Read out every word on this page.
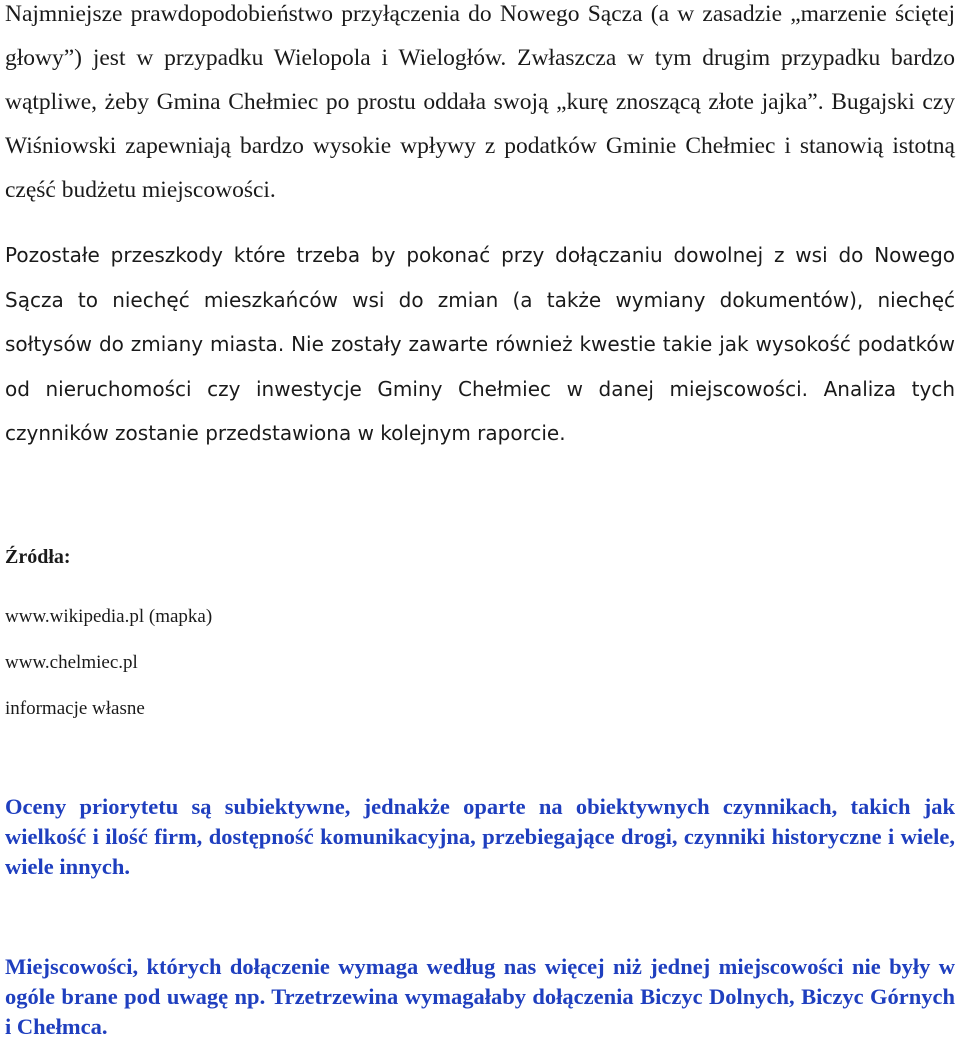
Najmniejsze prawdopodobieństwo przyłączenia do Nowego Sącza (a w zasadzie „marzenie ściętej głowy”) jest w przypadku Wielopola i Wielogłów. Zwłaszcza w tym drugim przypadku bardzo wątpliwe, żeby Gmina Chełmiec po prostu oddała swoją „kurę znoszącą złote jajka”. Bugajski czy Wiśniowski zapewniają bardzo wysokie wpływy z podatków Gminie Chełmiec i stanowią istotną część budżetu miejscowości.

Pozostałe przeszkody które trzeba by pokonać przy dołączaniu dowolnej z wsi do Nowego Sącza to niechęć mieszkańców wsi do zmian (a także wymiany dokumentów), niechęć sołtysów do zmiany miasta. Nie zostały zawarte również kwestie takie jak wysokość podatków od nieruchomości czy inwestycje Gminy Chełmiec w danej miejscowości. Analiza tych czynników zostanie przedstawiona w kolejnym raporcie.

Źródła:

www.wikipedia.pl (mapka)

www.chelmiec.pl

informacje własne

Oceny priorytetu są subiektywne, jednakże oparte na obiektywnych czynnikach, takich jak wielkość i ilość firm, dostępność komunikacyjna, przebiegające drogi, czynniki historyczne i wiele, wiele innych.

Miejscowości, których dołączenie wymaga według nas więcej niż jednej miejscowości nie były w ogóle brane pod uwagę np. Trzetrzewina wymagałaby dołączenia Biczyc Dolnych, Biczyc Górnych i Chełmca.
